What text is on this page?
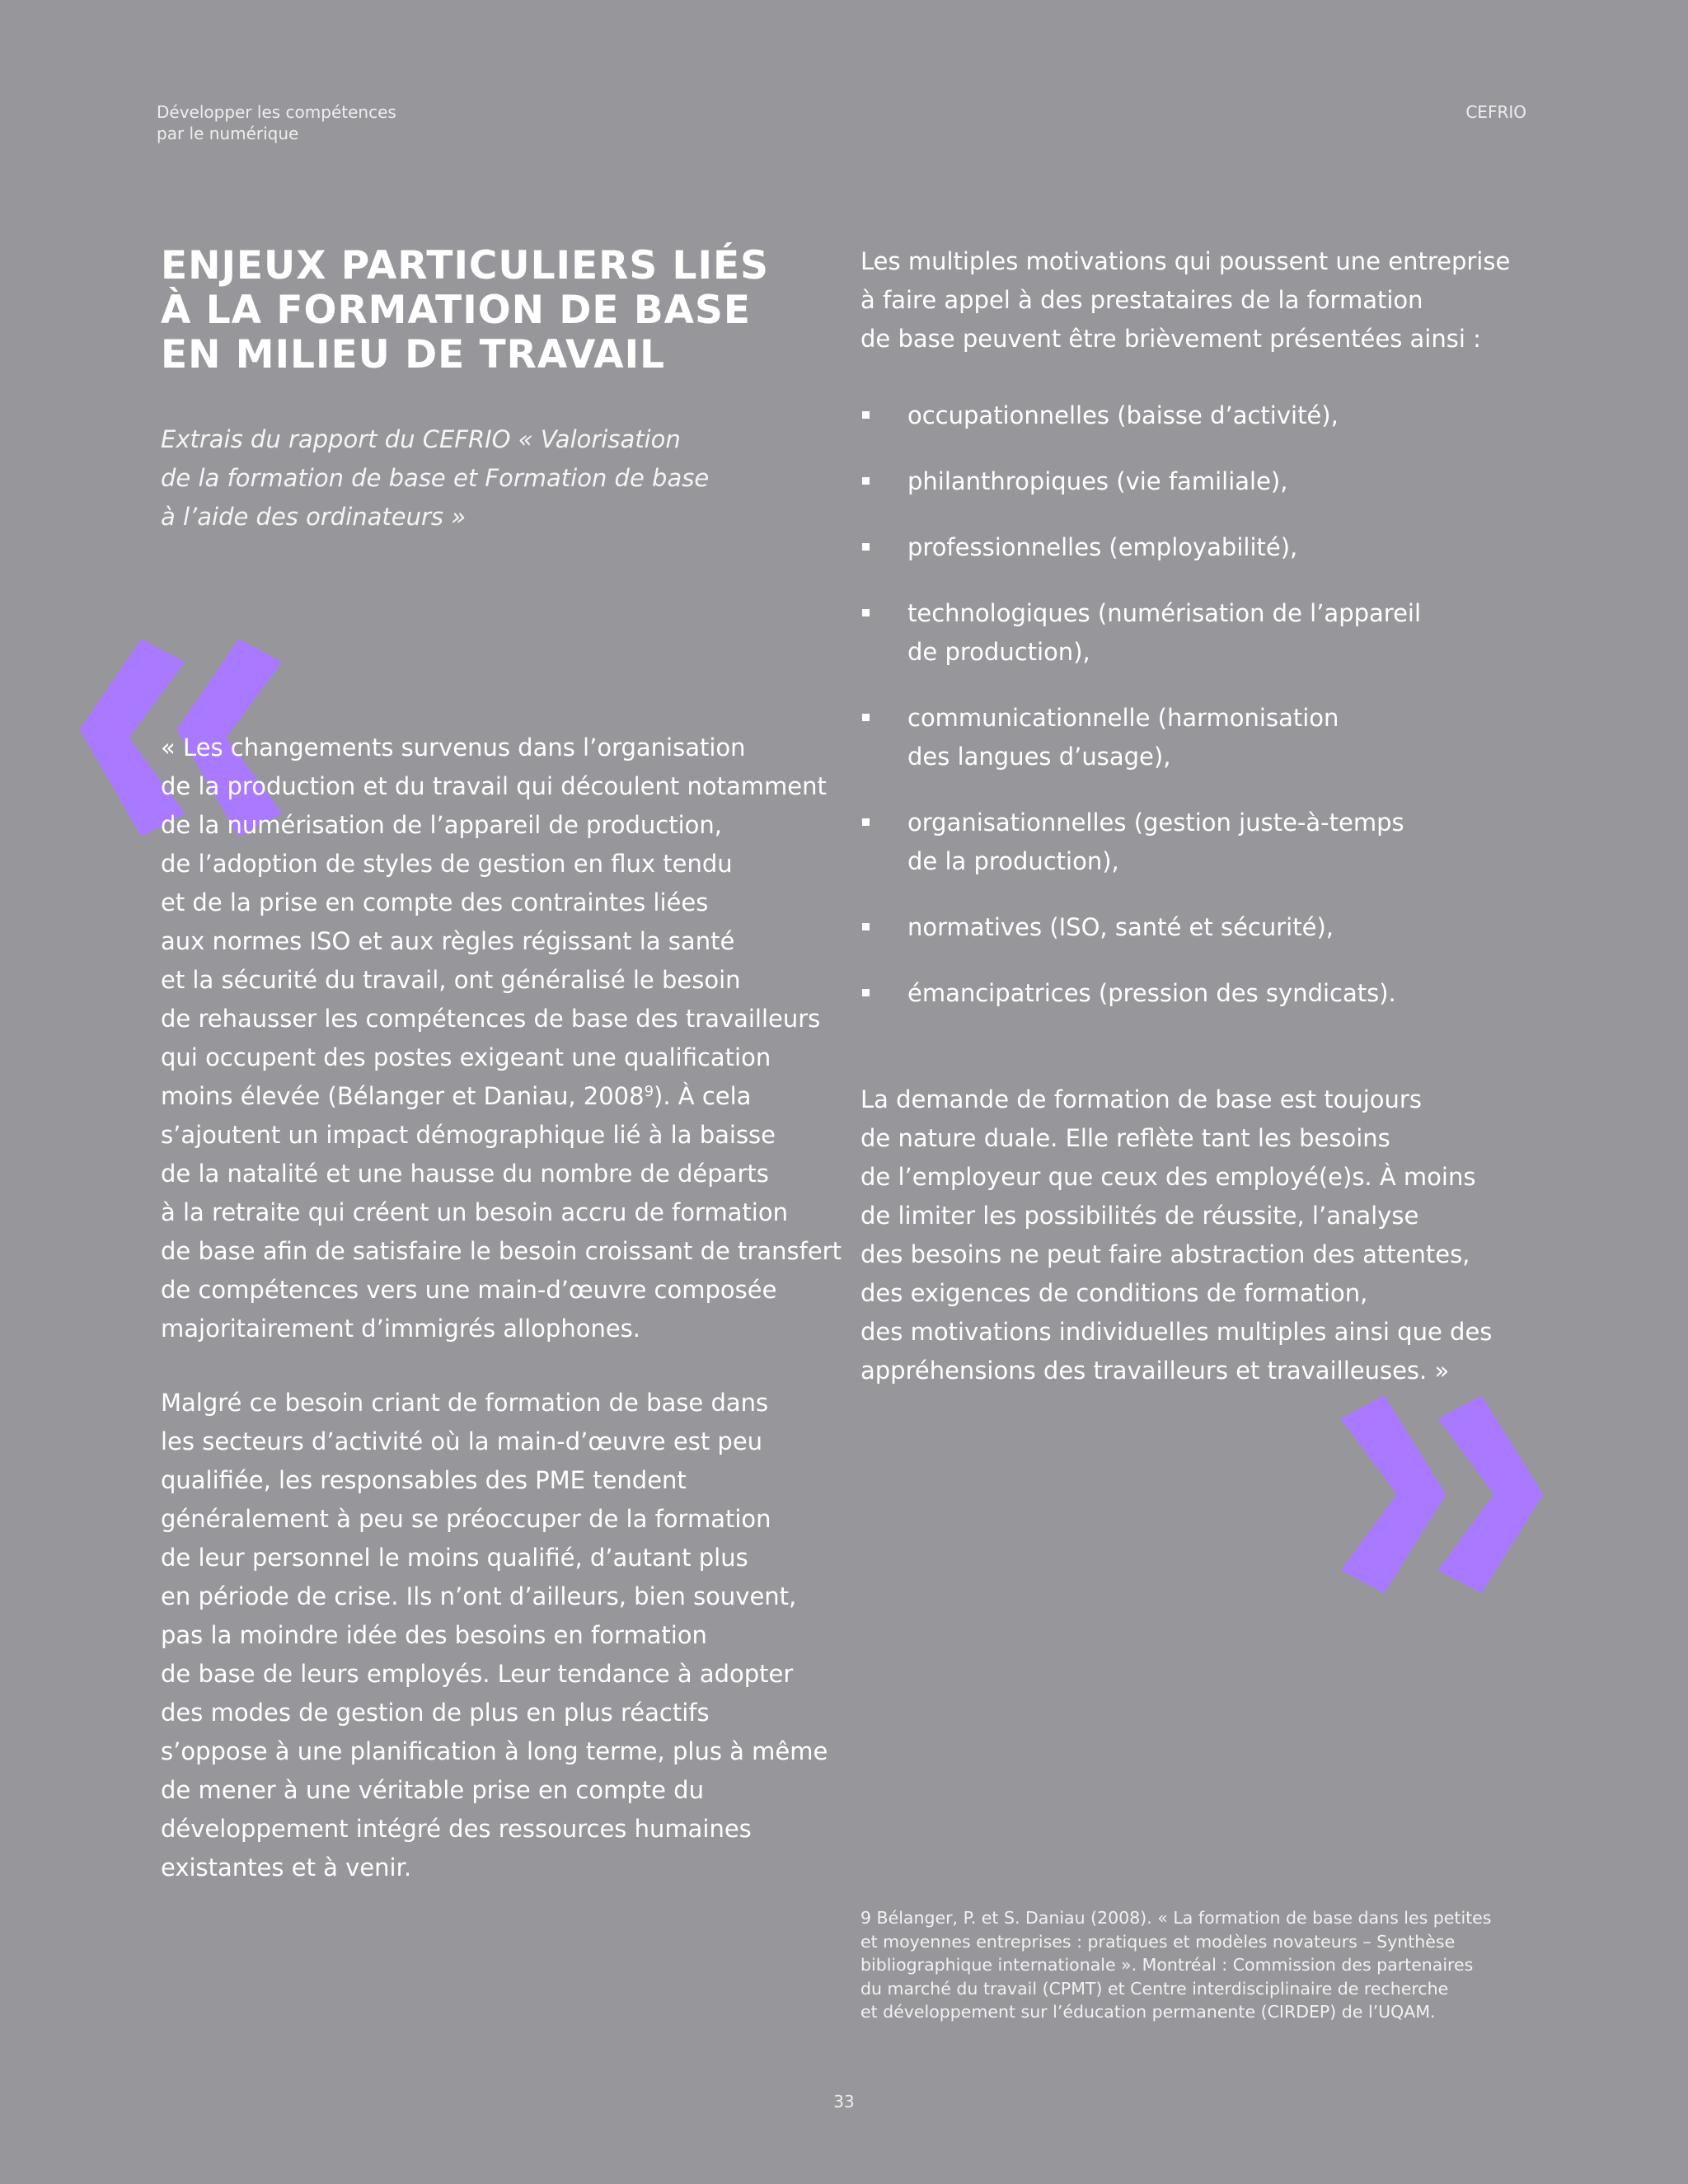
Développer les compétences
par le numérique
CEFRIO
ENJEUX PARTICULIERS LIÉS
À LA FORMATION DE BASE
EN MILIEU DE TRAVAIL
Extrais du rapport du CEFRIO « Valorisation
de la formation de base et Formation de base
à l’aide des ordinateurs »
« Les changements survenus dans l’organisation
de la production et du travail qui découlent notamment
de la numérisation de l’appareil de production,
de l’adoption de styles de gestion en flux tendu
et de la prise en compte des contraintes liées
aux normes ISO et aux règles régissant la santé
et la sécurité du travail, ont généralisé le besoin
de rehausser les compétences de base des travailleurs
qui occupent des postes exigeant une qualification
moins élevée (Bélanger et Daniau, 2008$^9$). À cela
s’ajoutent un impact démographique lié à la baisse
de la natalité et une hausse du nombre de départs
à la retraite qui créent un besoin accru de formation
de base afin de satisfaire le besoin croissant de transfert
de compétences vers une main-d’œuvre composée
majoritairement d’immigrés allophones.
Malgré ce besoin criant de formation de base dans
les secteurs d’activité où la main-d’œuvre est peu
qualifiée, les responsables des PME tendent
généralement à peu se préoccuper de la formation
de leur personnel le moins qualifié, d’autant plus
en période de crise. Ils n’ont d’ailleurs, bien souvent,
pas la moindre idée des besoins en formation
de base de leurs employés. Leur tendance à adopter
des modes de gestion de plus en plus réactifs
s’oppose à une planification à long terme, plus à même
de mener à une véritable prise en compte du
développement intégré des ressources humaines
existantes et à venir.
Les multiples motivations qui poussent une entreprise
à faire appel à des prestataires de la formation
de base peuvent être brièvement présentées ainsi :
occupationnelles (baisse d’activité),
philanthropiques (vie familiale),
professionnelles (employabilité),
technologiques (numérisation de l’appareil
de production),
communicationnelle (harmonisation
des langues d’usage),
organisationnelles (gestion juste-à-temps
de la production),
normatives (ISO, santé et sécurité),
émancipatrices (pression des syndicats).
La demande de formation de base est toujours
de nature duale. Elle reflète tant les besoins
de l’employeur que ceux des employé(e)s. À moins
de limiter les possibilités de réussite, l’analyse
des besoins ne peut faire abstraction des attentes,
des exigences de conditions de formation,
des motivations individuelles multiples ainsi que des
appréhensions des travailleurs et travailleuses. »
9 Bélanger, P. et S. Daniau (2008). « La formation de base dans les petites
et moyennes entreprises : pratiques et modèles novateurs – Synthèse
bibliographique internationale ». Montréal : Commission des partenaires
du marché du travail (CPMT) et Centre interdisciplinaire de recherche
et développement sur l’éducation permanente (CIRDEP) de l’UQAM.
33
